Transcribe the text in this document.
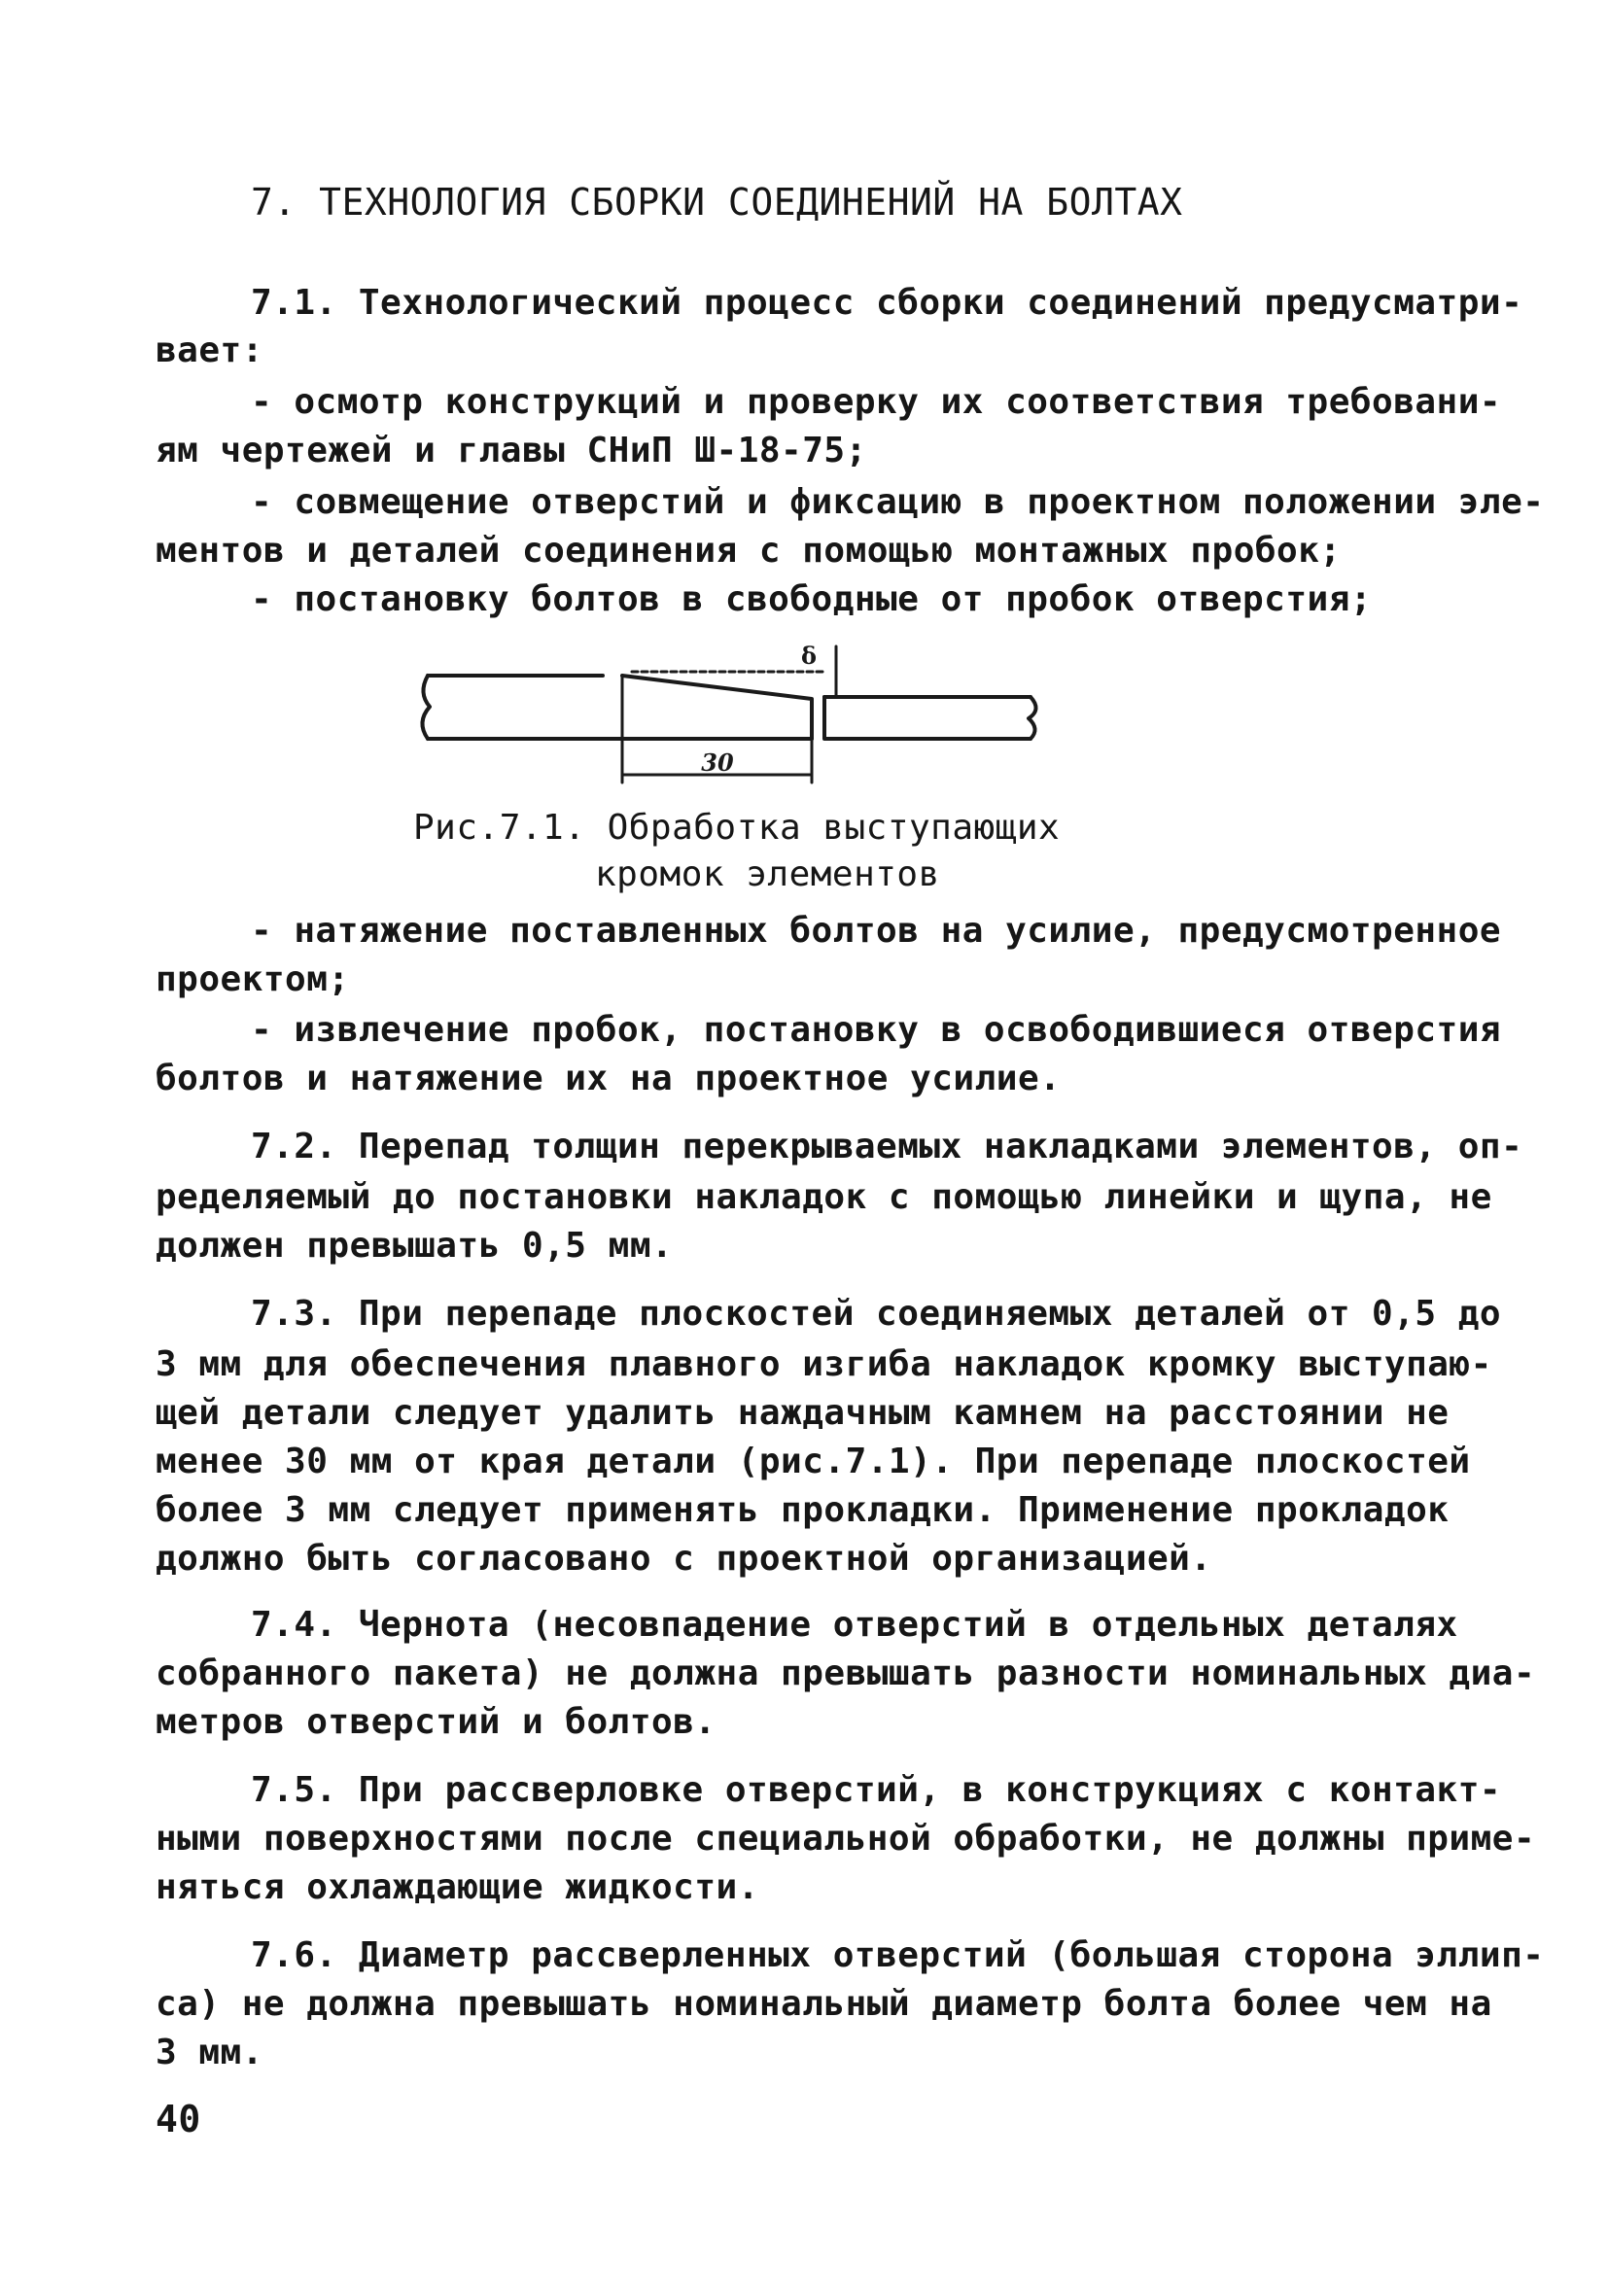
7. ТЕХНОЛОГИЯ СБОРКИ СОЕДИНЕНИЙ НА БОЛТАХ
7.1. Технологический процесс сборки соединений предусматри-
вает:
- осмотр конструкций и проверку их соответствия требовани-
ям чертежей и главы СНиП Ш-18-75;
- совмещение отверстий и фиксацию в проектном положении эле-
ментов и деталей соединения с помощью монтажных пробок;
- постановку болтов в свободные от пробок отверстия;
30
δ
Рис.7.1. Обработка выступающих
кромок элементов
- натяжение поставленных болтов на усилие, предусмотренное
проектом;
- извлечение пробок, постановку в освободившиеся отверстия
болтов и натяжение их на проектное усилие.
7.2. Перепад толщин перекрываемых накладками элементов, оп-
ределяемый до постановки накладок с помощью линейки и щупа, не
должен превышать 0,5 мм.
7.3. При перепаде плоскостей соединяемых деталей от 0,5 до
3 мм для обеспечения плавного изгиба накладок кромку выступаю-
щей детали следует удалить наждачным камнем на расстоянии не
менее 30 мм от края детали (рис.7.1). При перепаде плоскостей
более 3 мм следует применять прокладки. Применение прокладок
должно быть согласовано с проектной организацией.
7.4. Чернота (несовпадение отверстий в отдельных деталях
собранного пакета) не должна превышать разности номинальных диа-
метров отверстий и болтов.
7.5. При рассверловке отверстий, в конструкциях с контакт-
ными поверхностями после специальной обработки, не должны приме-
няться охлаждающие жидкости.
7.6. Диаметр рассверленных отверстий (большая сторона эллип-
са) не должна превышать номинальный диаметр болта более чем на
3 мм.
40
